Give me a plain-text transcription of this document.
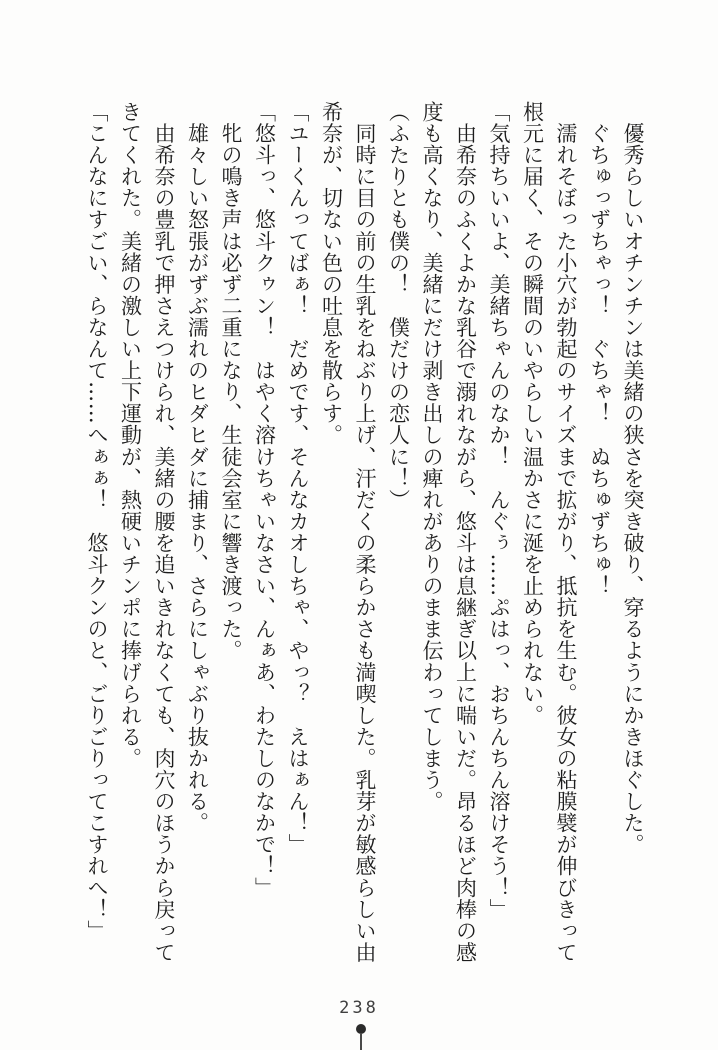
　優秀らしいオチンチンは美緒の狭さを突き破り、穿るようにかきほぐした。
　ぐちゅっずちゃっ！　ぐちゃ！　ぬちゅずちゅ！
　濡れそぼった小穴が勃起のサイズまで拡がり、抵抗を生む。彼女の粘膜襞が伸びきって
根元に届く、その瞬間のいやらしい温かさに涎を止められない。
「気持ちいいよ、美緒ちゃんのなか！　んぐぅ……ぷはっ、おちんちん溶けそう！」
　由希奈のふくよかな乳谷で溺れながら、悠斗は息継ぎ以上に喘いだ。昂るほど肉棒の感
度も高くなり、美緒にだけ剥き出しの痺れがありのまま伝わってしまう。
（ふたりとも僕の！　僕だけの恋人に！）
　同時に目の前の生乳をねぶり上げ、汗だくの柔らかさも満喫した。乳芽が敏感らしい由
希奈が、切ない色の吐息を散らす。
「ユーくんってばぁ！　だめです、そんなカオしちゃ、やっ？　えはぁん！」
「悠斗っ、悠斗クゥン！　はやく溶けちゃいなさい、んぁあ、わたしのなかで！」
　牝の鳴き声は必ず二重になり、生徒会室に響き渡った。
　雄々しい怒張がずぶ濡れのヒダヒダに捕まり、さらにしゃぶり抜かれる。
　由希奈の豊乳で押さえつけられ、美緒の腰を追いきれなくても、肉穴のほうから戻って
きてくれた。美緒の激しい上下運動が、熱硬いチンポに捧げられる。
「こんなにすごい、らなんて……へぁぁ！　悠斗クンのと、ごりごりってこすれへ！」
238
